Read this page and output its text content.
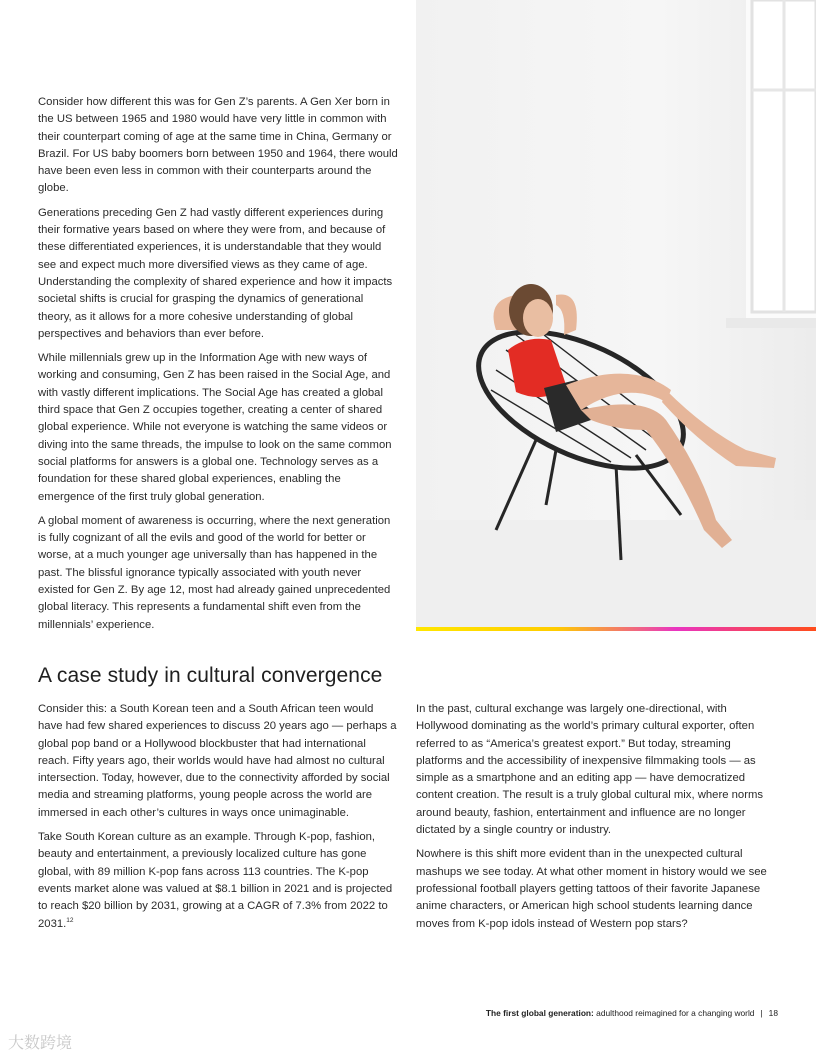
Consider how different this was for Gen Z’s parents. A Gen Xer born in the US between 1965 and 1980 would have very little in common with their counterpart coming of age at the same time in China, Germany or Brazil. For US baby boomers born between 1950 and 1964, there would have been even less in common with their counterparts around the globe.

Generations preceding Gen Z had vastly different experiences during their formative years based on where they were from, and because of these differentiated experiences, it is understandable that they would see and expect much more diversified views as they came of age. Understanding the complexity of shared experience and how it impacts societal shifts is crucial for grasping the dynamics of generational theory, as it allows for a more cohesive understanding of global perspectives and behaviors than ever before.

While millennials grew up in the Information Age with new ways of working and consuming, Gen Z has been raised in the Social Age, and with vastly different implications. The Social Age has created a global third space that Gen Z occupies together, creating a center of shared global experience. While not everyone is watching the same videos or diving into the same threads, the impulse to look on the same common social platforms for answers is a global one. Technology serves as a foundation for these shared global experiences, enabling the emergence of the first truly global generation.

A global moment of awareness is occurring, where the next generation is fully cognizant of all the evils and good of the world for better or worse, at a much younger age universally than has happened in the past. The blissful ignorance typically associated with youth never existed for Gen Z. By age 12, most had already gained unprecedented global literacy. This represents a fundamental shift even from the millennials’ experience.

A case study in cultural convergence

Consider this: a South Korean teen and a South African teen would have had few shared experiences to discuss 20 years ago — perhaps a global pop band or a Hollywood blockbuster that had international reach. Fifty years ago, their worlds would have had almost no cultural intersection. Today, however, due to the connectivity afforded by social media and streaming platforms, young people across the world are immersed in each other’s cultures in ways once unimaginable.

Take South Korean culture as an example. Through K-pop, fashion, beauty and entertainment, a previously localized culture has gone global, with 89 million K-pop fans across 113 countries. The K-pop events market alone was valued at $8.1 billion in 2021 and is projected to reach $20 billion by 2031, growing at a CAGR of 7.3% from 2022 to 2031.12

In the past, cultural exchange was largely one-directional, with Hollywood dominating as the world’s primary cultural exporter, often referred to as “America’s greatest export.” But today, streaming platforms and the accessibility of inexpensive filmmaking tools — as simple as a smartphone and an editing app — have democratized content creation. The result is a truly global cultural mix, where norms around beauty, fashion, entertainment and influence are no longer dictated by a single country or industry.

Nowhere is this shift more evident than in the unexpected cultural mashups we see today. At what other moment in history would we see professional football players getting tattoos of their favorite Japanese anime characters, or American high school students learning dance moves from K-pop idols instead of Western pop stars?

The first global generation: adulthood reimagined for a changing world | 18
大数跨境
